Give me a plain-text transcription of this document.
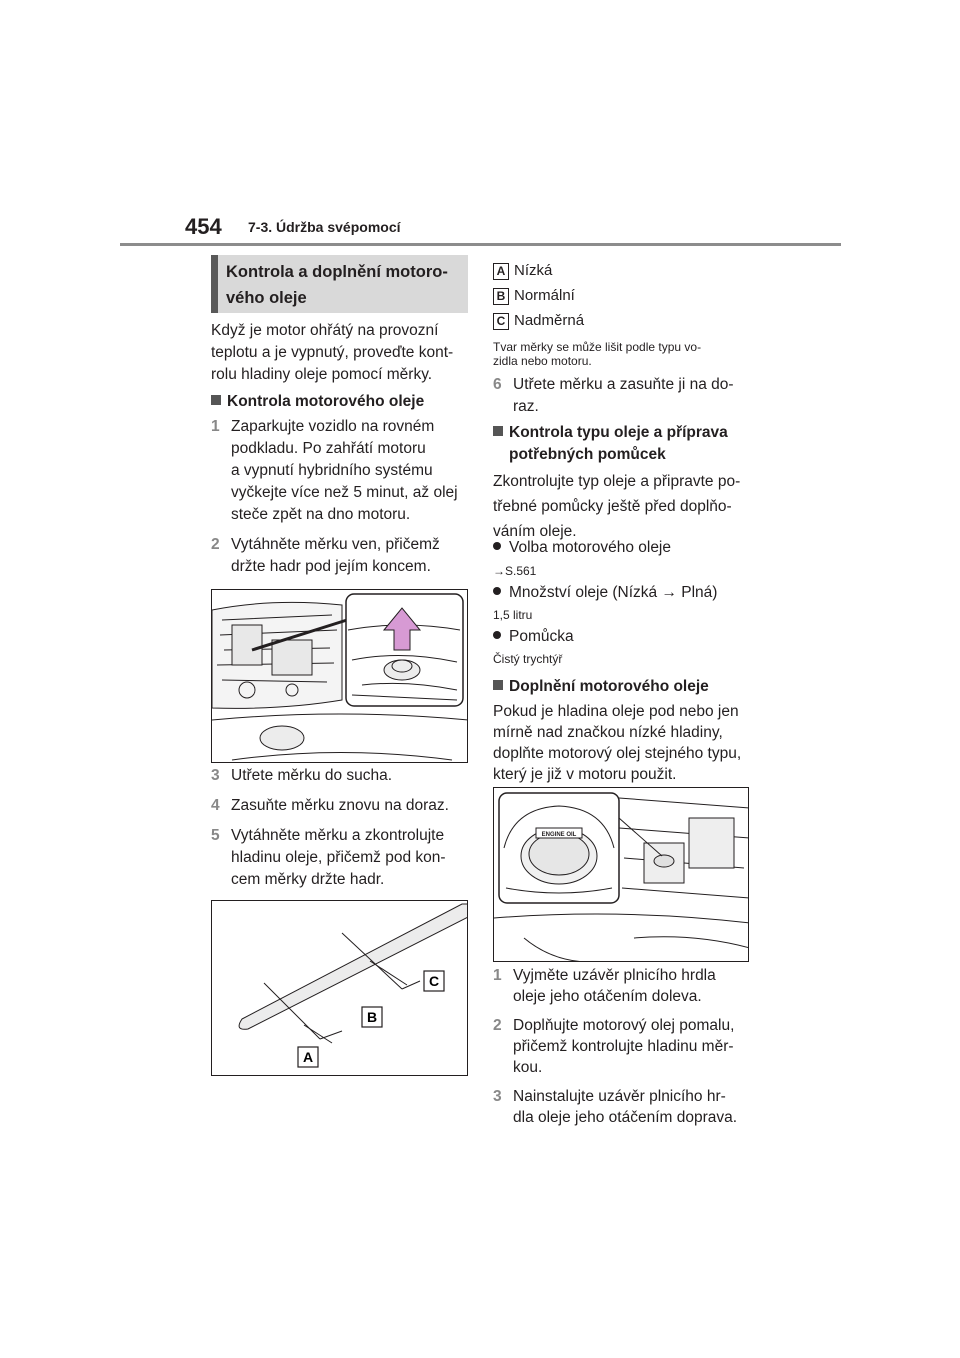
454 7-3. Údržba svépomocí
Kontrola a doplnění motoro-
vého oleje
Když je motor ohřátý na provozní
teplotu a je vypnutý, proveďte kont-
rolu hladiny oleje pomocí měrky.
Kontrola motorového oleje
1 Zaparkujte vozidlo na rovném
podkladu. Po zahřátí motoru
a vypnutí hybridního systému
vyčkejte více než 5 minut, až olej
steče zpět na dno motoru.
2 Vytáhněte měrku ven, přičemž
držte hadr pod jejím koncem.
3 Utřete měrku do sucha.
4 Zasuňte měrku znovu na doraz.
5 Vytáhněte měrku a zkontrolujte
hladinu oleje, přičemž pod kon-
cem měrky držte hadr.
C
B
A
A Nízká
B Normální
C Nadměrná
Tvar měrky se může lišit podle typu vo-
zidla nebo motoru.
6 Utřete měrku a zasuňte ji na do-
raz.
Kontrola typu oleje a příprava
potřebných pomůcek
Zkontrolujte typ oleje a připravte po-
třebné pomůcky ještě před doplňo-
váním oleje.
Volba motorového oleje
→S.561
Množství oleje (Nízká → Plná)
1,5 litru
Pomůcka
Čistý trychtýř
Doplnění motorového oleje
Pokud je hladina oleje pod nebo jen
mírně nad značkou nízké hladiny,
doplňte motorový olej stejného typu,
který je již v motoru použit.
ENGINE OIL
1 Vyjměte uzávěr plnicího hrdla
oleje jeho otáčením doleva.
2 Doplňujte motorový olej pomalu,
přičemž kontrolujte hladinu měr-
kou.
3 Nainstalujte uzávěr plnicího hr-
dla oleje jeho otáčením doprava.
